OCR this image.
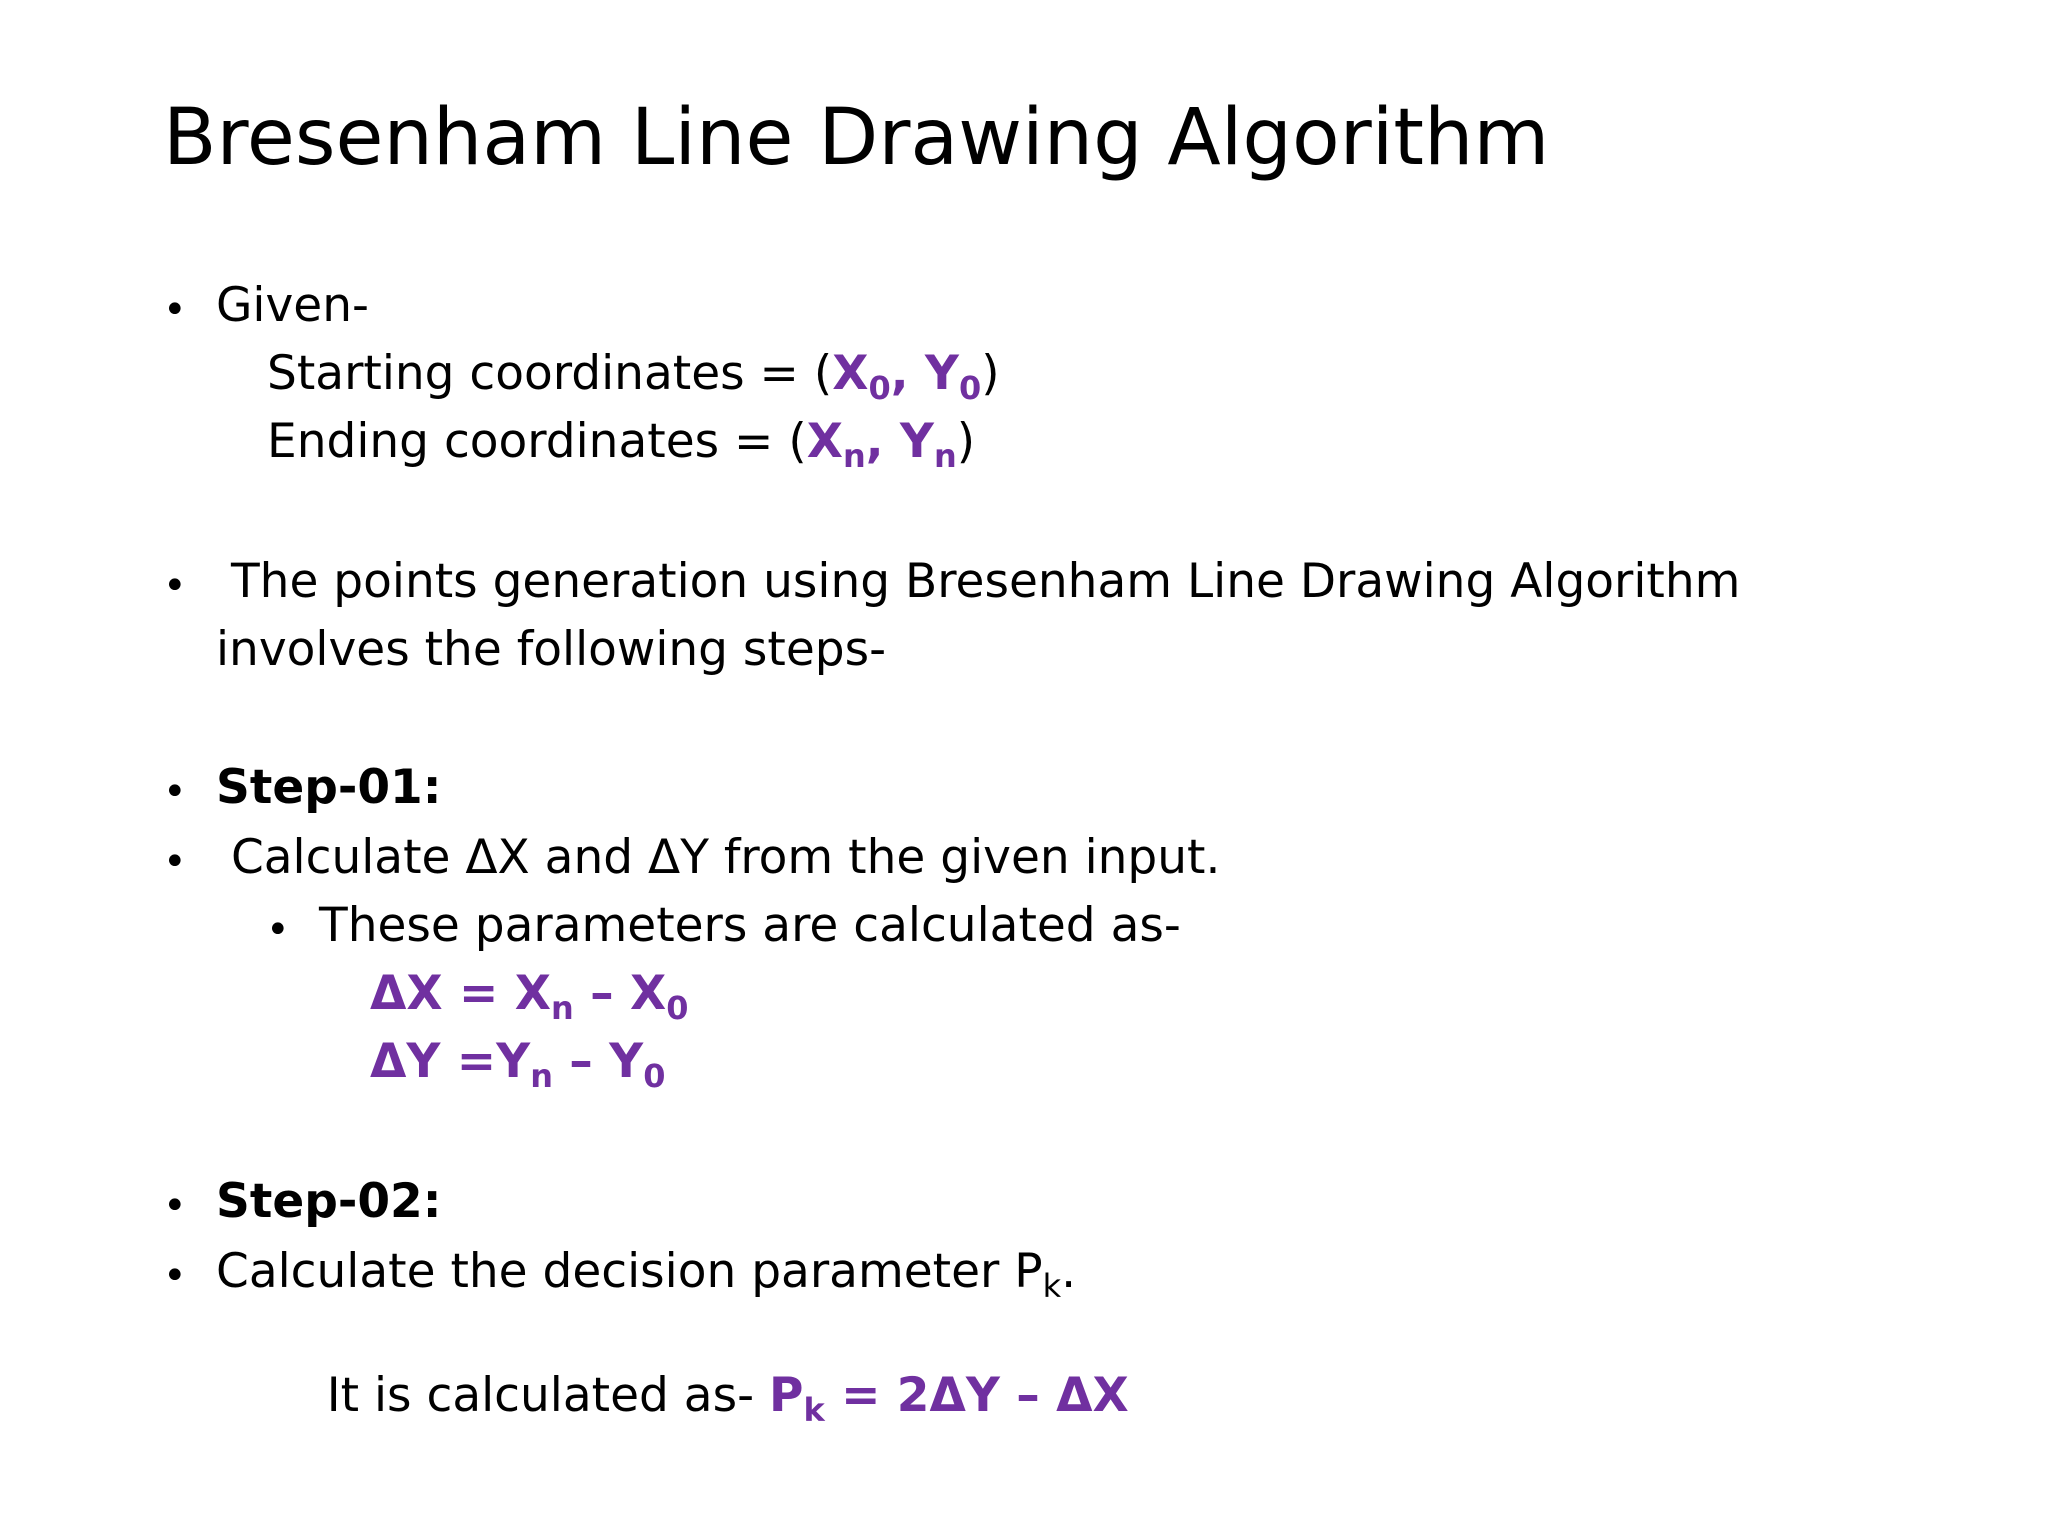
Bresenham Line Drawing Algorithm
• Given-
Starting coordinates = ($X_0$, $Y_0$)
Ending coordinates = ($X_n$, $Y_n$)
• The points generation using Bresenham Line Drawing Algorithm
involves the following steps-
• Step-01:
• Calculate ΔX and ΔY from the given input.
• These parameters are calculated as-
$\Delta X = X_n - X_0$
$\Delta Y =Y_n - Y_0$
• Step-02:
• Calculate the decision parameter $P_k$.

It is calculated as- $P_k = 2\Delta Y - \Delta X$
